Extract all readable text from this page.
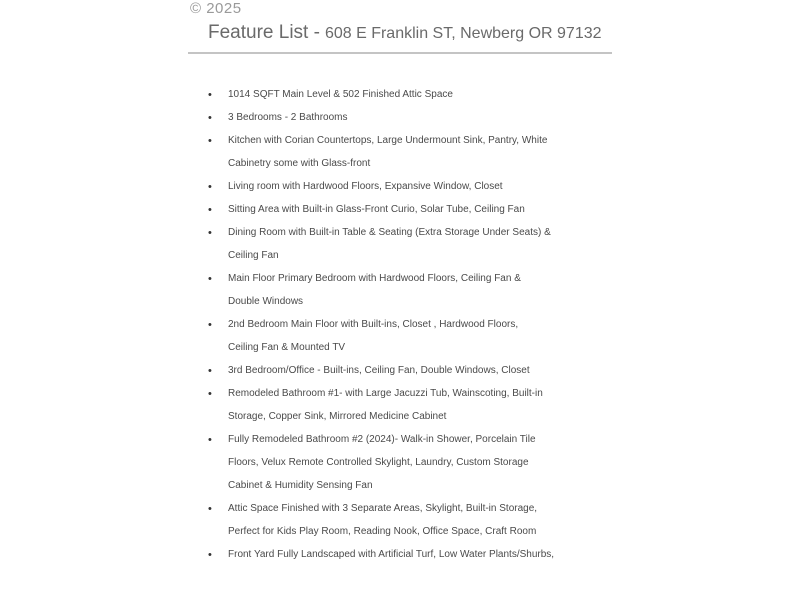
© 2025
Feature List - 608 E Franklin ST, Newberg OR 97132
• 1014 SQFT Main Level & 502 Finished Attic Space
• 3 Bedrooms - 2 Bathrooms
• Kitchen with Corian Countertops, Large Undermount Sink, Pantry, White
Cabinetry some with Glass-front
• Living room with Hardwood Floors, Expansive Window, Closet
• Sitting Area with Built-in Glass-Front Curio, Solar Tube, Ceiling Fan
• Dining Room with Built-in Table & Seating (Extra Storage Under Seats) &
Ceiling Fan
• Main Floor Primary Bedroom with Hardwood Floors, Ceiling Fan &
Double Windows
• 2nd Bedroom Main Floor with Built-ins, Closet , Hardwood Floors,
Ceiling Fan & Mounted TV
• 3rd Bedroom/Office - Built-ins, Ceiling Fan, Double Windows, Closet
• Remodeled Bathroom #1- with Large Jacuzzi Tub, Wainscoting, Built-in
Storage, Copper Sink, Mirrored Medicine Cabinet
• Fully Remodeled Bathroom #2 (2024)- Walk-in Shower, Porcelain Tile
Floors, Velux Remote Controlled Skylight, Laundry, Custom Storage
Cabinet & Humidity Sensing Fan
• Attic Space Finished with 3 Separate Areas, Skylight, Built-in Storage,
Perfect for Kids Play Room, Reading Nook, Office Space, Craft Room
• Front Yard Fully Landscaped with Artificial Turf, Low Water Plants/Shurbs,
